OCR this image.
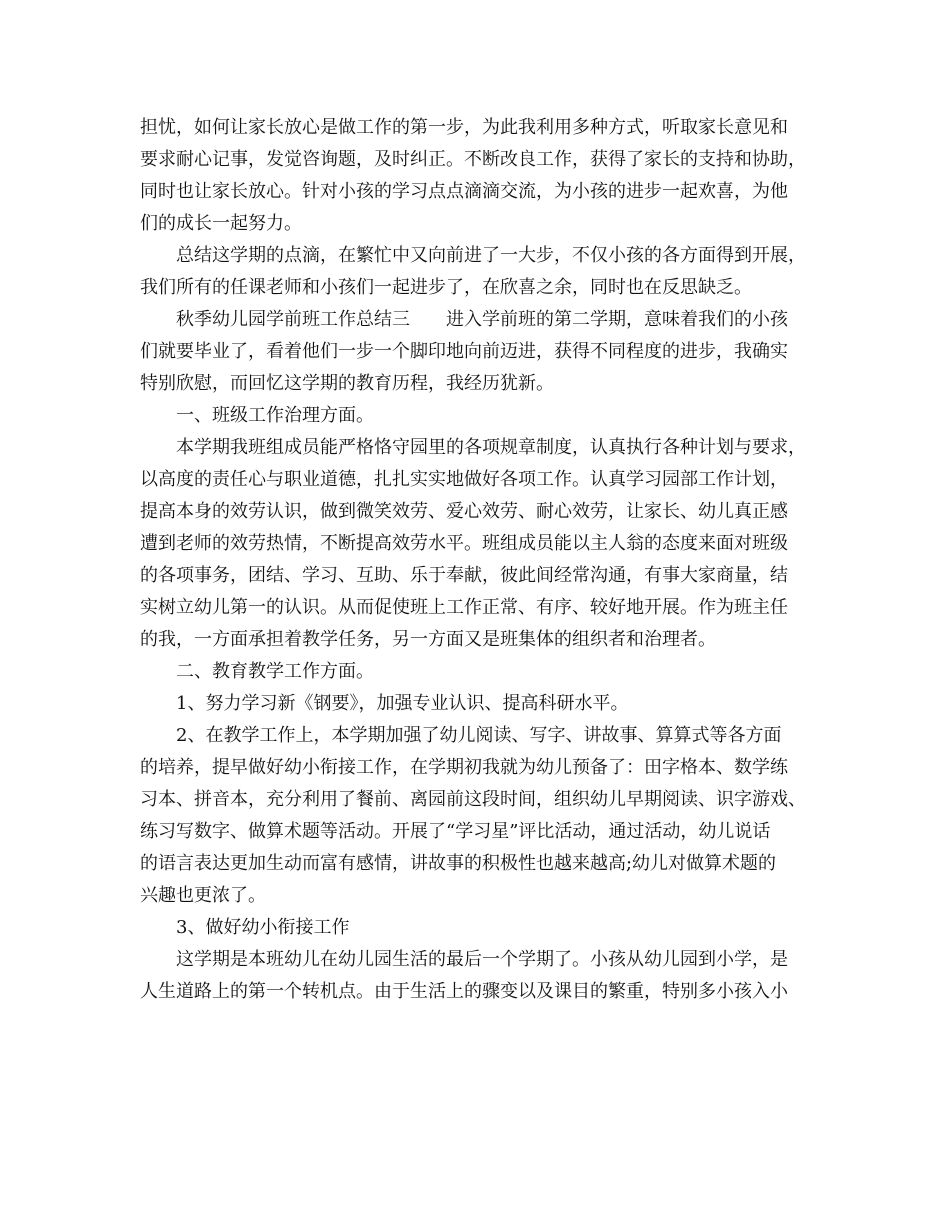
担忧，如何让家长放心是做工作的第一步，为此我利用多种方式，听取家长意见和
要求耐心记事，发觉咨询题，及时纠正。不断改良工作，获得了家长的支持和协助，
同时也让家长放心。针对小孩的学习点点滴滴交流，为小孩的进步一起欢喜，为他
们的成长一起努力。
总结这学期的点滴，在繁忙中又向前进了一大步，不仅小孩的各方面得到开展，
我们所有的任课老师和小孩们一起进步了，在欣喜之余，同时也在反思缺乏。
秋季幼儿园学前班工作总结三　　进入学前班的第二学期，意味着我们的小孩
们就要毕业了，看着他们一步一个脚印地向前迈进，获得不同程度的进步，我确实
特别欣慰，而回忆这学期的教育历程，我经历犹新。
一、班级工作治理方面。
本学期我班组成员能严格恪守园里的各项规章制度，认真执行各种计划与要求，
以高度的责任心与职业道德，扎扎实实地做好各项工作。认真学习园部工作计划，
提高本身的效劳认识，做到微笑效劳、爱心效劳、耐心效劳，让家长、幼儿真正感
遭到老师的效劳热情，不断提高效劳水平。班组成员能以主人翁的态度来面对班级
的各项事务，团结、学习、互助、乐于奉献，彼此间经常沟通，有事大家商量，结
实树立幼儿第一的认识。从而促使班上工作正常、有序、较好地开展。作为班主任
的我，一方面承担着教学任务，另一方面又是班集体的组织者和治理者。
二、教育教学工作方面。
1、努力学习新《钢要》，加强专业认识、提高科研水平。
2、在教学工作上，本学期加强了幼儿阅读、写字、讲故事、算算式等各方面
的培养，提早做好幼小衔接工作，在学期初我就为幼儿预备了：田字格本、数学练
习本、拼音本，充分利用了餐前、离园前这段时间，组织幼儿早期阅读、识字游戏、
练习写数字、做算术题等活动。开展了“学习星”评比活动，通过活动，幼儿说话
的语言表达更加生动而富有感情，讲故事的积极性也越来越高;幼儿对做算术题的
兴趣也更浓了。
3、做好幼小衔接工作
这学期是本班幼儿在幼儿园生活的最后一个学期了。小孩从幼儿园到小学，是
人生道路上的第一个转机点。由于生活上的骤变以及课目的繁重，特别多小孩入小
